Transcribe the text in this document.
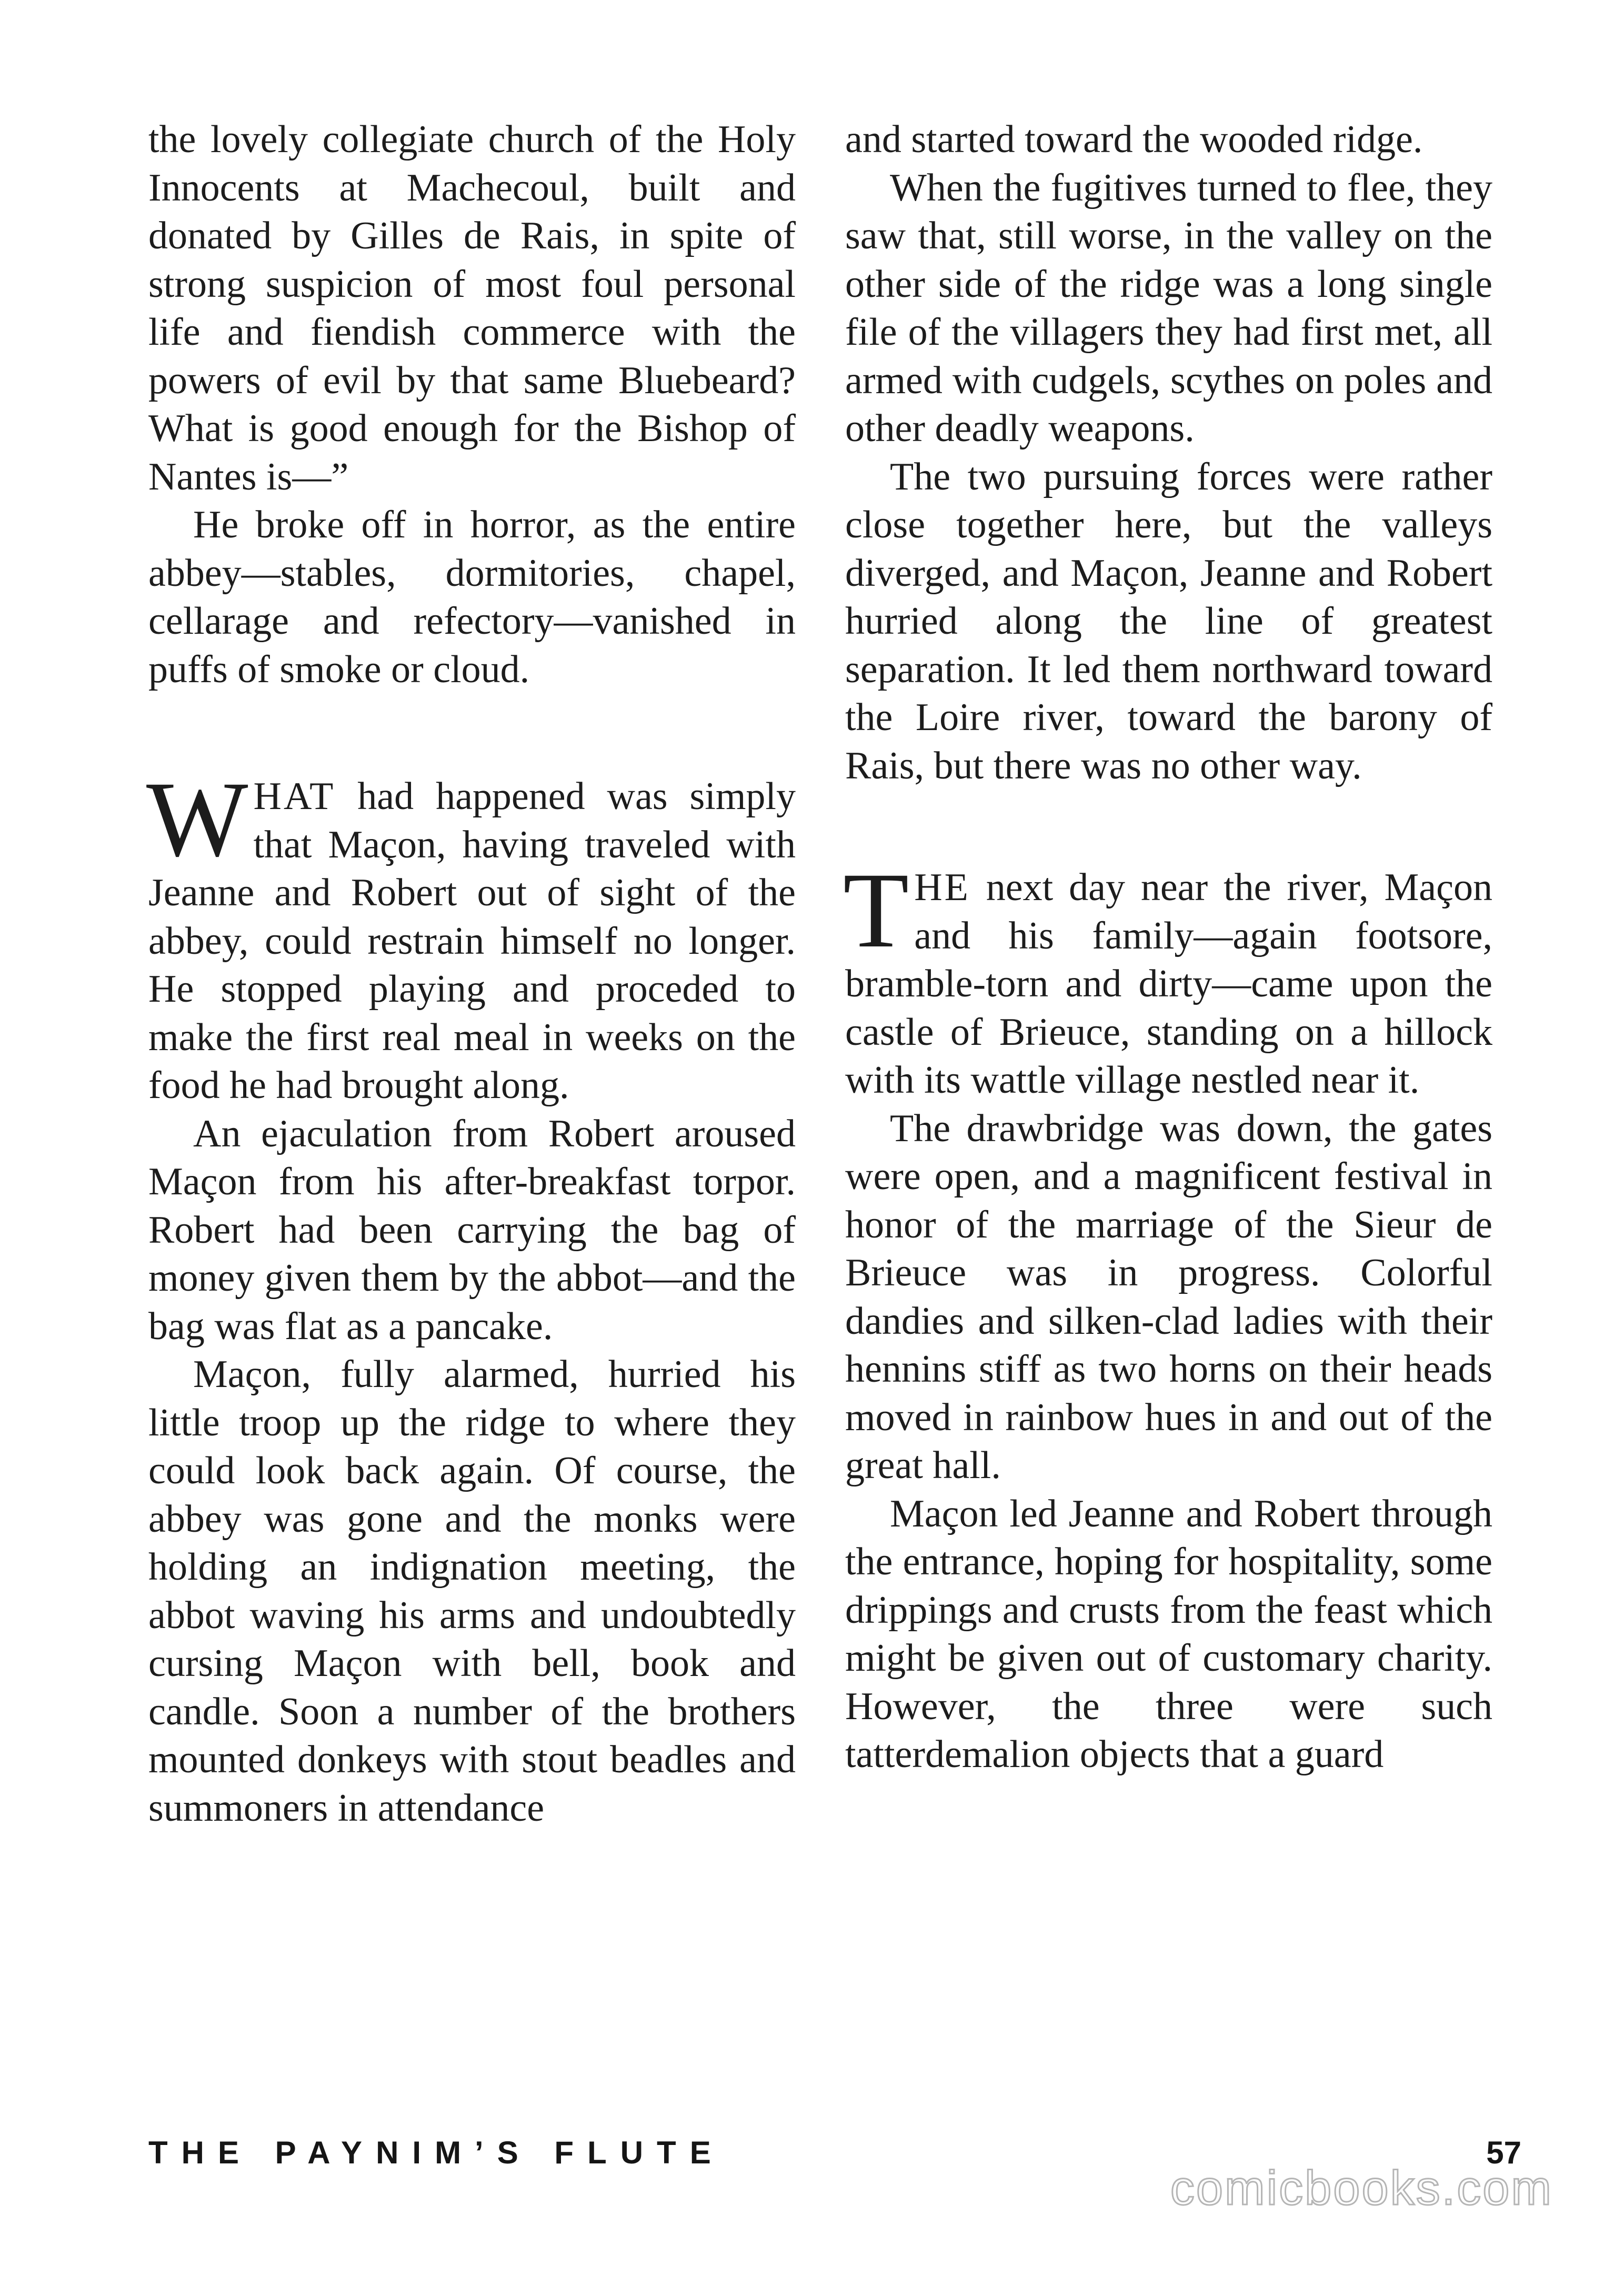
the lovely collegiate church of the Holy Innocents at Machecoul, built and donated by Gilles de Rais, in spite of strong suspicion of most foul personal life and fiendish commerce with the powers of evil by that same Bluebeard? What is good enough for the Bishop of Nantes is—”

He broke off in horror, as the entire abbey—stables, dormitories, chapel, cellarage and refectory—vanished in puffs of smoke or cloud.

WHAT had happened was simply that Maçon, having traveled with Jeanne and Robert out of sight of the abbey, could restrain himself no longer. He stopped playing and proceded to make the first real meal in weeks on the food he had brought along.

An ejaculation from Robert aroused Maçon from his after-breakfast torpor. Robert had been carrying the bag of money given them by the abbot—and the bag was flat as a pancake.

Maçon, fully alarmed, hurried his little troop up the ridge to where they could look back again. Of course, the abbey was gone and the monks were holding an indignation meeting, the abbot waving his arms and undoubtedly cursing Maçon with bell, book and candle. Soon a number of the brothers mounted donkeys with stout beadles and summoners in attendance

and started toward the wooded ridge.

When the fugitives turned to flee, they saw that, still worse, in the valley on the other side of the ridge was a long single file of the villagers they had first met, all armed with cudgels, scythes on poles and other deadly weapons.

The two pursuing forces were rather close together here, but the valleys diverged, and Maçon, Jeanne and Robert hurried along the line of greatest separation. It led them northward toward the Loire river, toward the barony of Rais, but there was no other way.

THE next day near the river, Maçon and his family—again footsore, bramble-torn and dirty—came upon the castle of Brieuce, standing on a hillock with its wattle village nestled near it.

The drawbridge was down, the gates were open, and a magnificent festival in honor of the marriage of the Sieur de Brieuce was in progress. Colorful dandies and silken-clad ladies with their hennins stiff as two horns on their heads moved in rainbow hues in and out of the great hall.

Maçon led Jeanne and Robert through the entrance, hoping for hospitality, some drippings and crusts from the feast which might be given out of customary charity. However, the three were such tatterdemalion objects that a guard

THE PAYNIM’S FLUTE	57
comicbooks.com
